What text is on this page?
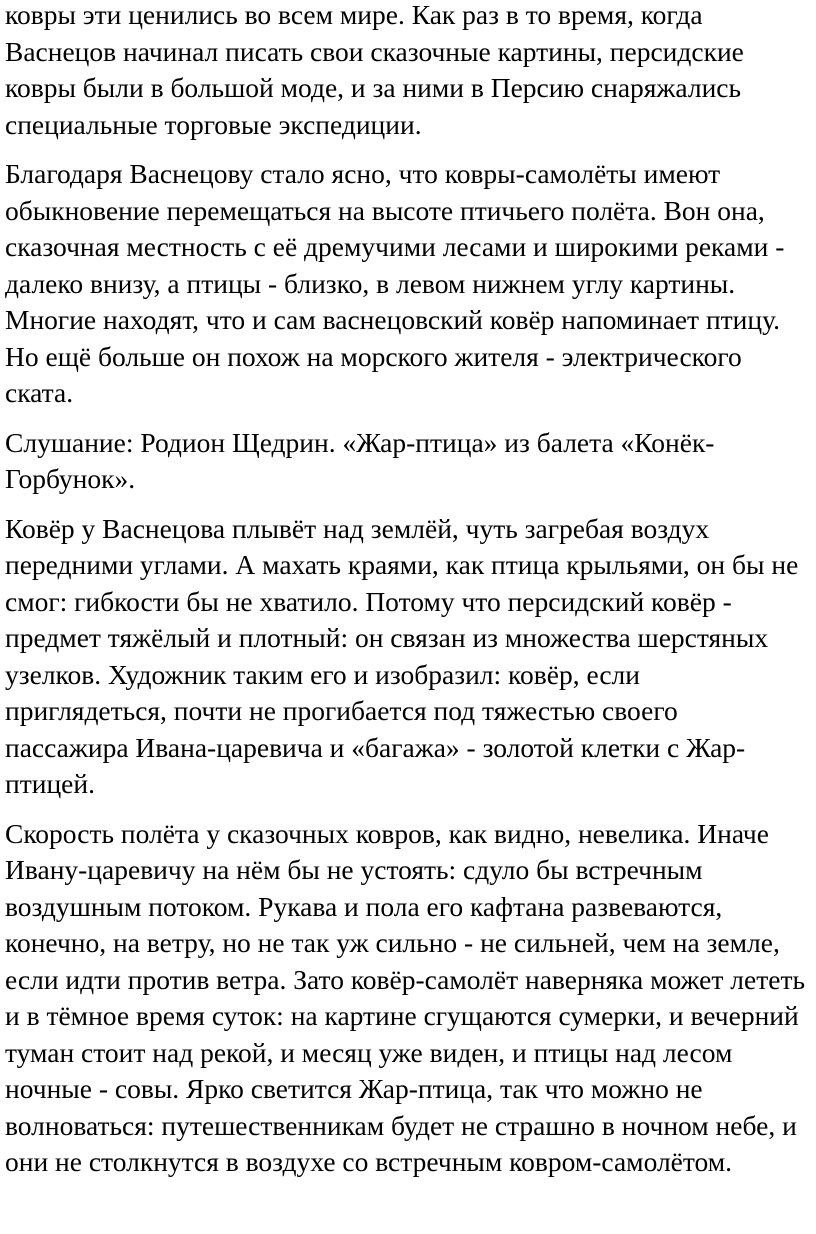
ковры эти ценились во всем мире. Как раз в то время, когда
Васнецов начинал писать свои сказочные картины, персидские
ковры были в большой моде, и за ними в Персию снаряжались
специальные торговые экспедиции.

Благодаря Васнецову стало ясно, что ковры-самолёты имеют
обыкновение перемещаться на высоте птичьего полёта. Вон она,
сказочная местность с её дремучими лесами и широкими реками -
далеко внизу, а птицы - близко, в левом нижнем углу картины.
Многие находят, что и сам васнецовский ковёр напоминает птицу.
Но ещё больше он похож на морского жителя - электрического
ската.

Слушание: Родион Щедрин. «Жар-птица» из балета «Конёк-
Горбунок».

Ковёр у Васнецова плывёт над землёй, чуть загребая воздух
передними углами. А махать краями, как птица крыльями, он бы не
смог: гибкости бы не хватило. Потому что персидский ковёр -
предмет тяжёлый и плотный: он связан из множества шерстяных
узелков. Художник таким его и изобразил: ковёр, если
приглядеться, почти не прогибается под тяжестью своего
пассажира Ивана-царевича и «багажа» - золотой клетки с Жар-
птицей.

Скорость полёта у сказочных ковров, как видно, невелика. Иначе
Ивану-царевичу на нём бы не устоять: сдуло бы встречным
воздушным потоком. Рукава и пола его кафтана развеваются,
конечно, на ветру, но не так уж сильно - не сильней, чем на земле,
если идти против ветра. Зато ковёр-самолёт наверняка может лететь
и в тёмное время суток: на картине сгущаются сумерки, и вечерний
туман стоит над рекой, и месяц уже виден, и птицы над лесом
ночные - совы. Ярко светится Жар-птица, так что можно не
волноваться: путешественникам будет не страшно в ночном небе, и
они не столкнутся в воздухе со встречным ковром-самолётом.
